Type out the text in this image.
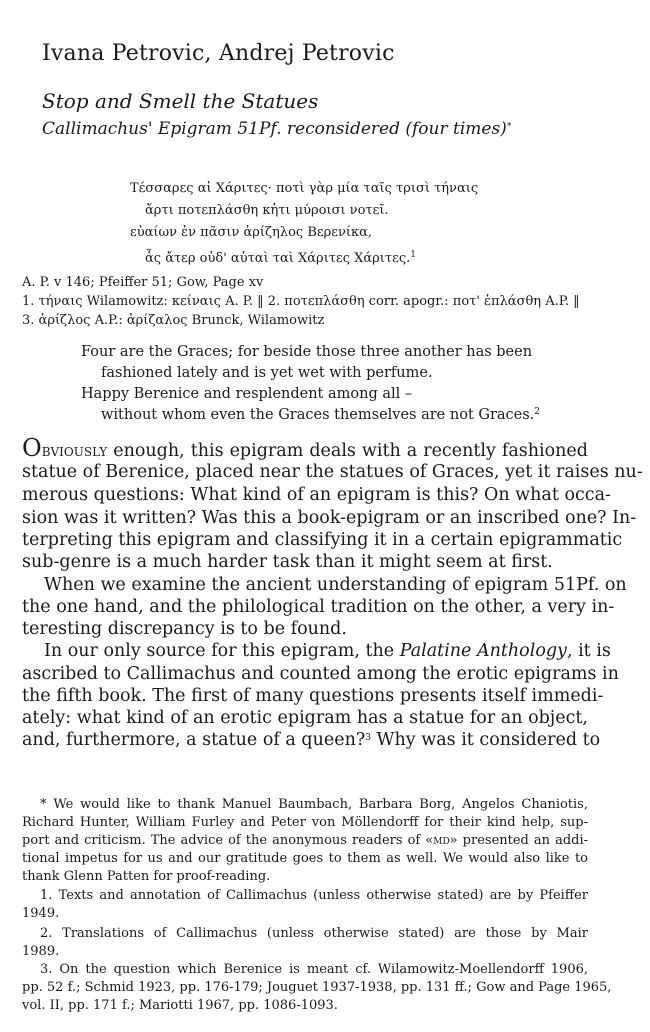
Ivana Petrovic, Andrej Petrovic
Stop and Smell the Statues
Callimachus' Epigram 51Pf. reconsidered (four times)*
Τέσσαρες αἱ Χάριτες· ποτὶ γὰρ μία ταῖς τρισὶ τήναις
ἄρτι ποτεπλάσθη κἠτι μύροισι νοτεῖ.
εὐαίων ἐν πᾶσιν ἀρίζηλος Βερενίκα,
ἇς ἄτερ οὐδ' αὐταὶ ταὶ Χάριτες Χάριτες.$^1$
A. P. v 146; Pfeiffer 51; Gow, Page xv
1. τήναις Wilamowitz: κείναις A. P. ‖ 2. ποτεπλάσθη corr. apogr.: ποτ' ἐπλάσθη A.P. ‖
3. ἀρίζλος A.P.: ἀρίζαλος Brunck, Wilamowitz
Four are the Graces; for beside those three another has been
fashioned lately and is yet wet with perfume.
Happy Berenice and resplendent among all –
without whom even the Graces themselves are not Graces.$^2$
Obviously enough, this epigram deals with a recently fashioned
statue of Berenice, placed near the statues of Graces, yet it raises nu-
merous questions: What kind of an epigram is this? On what occa-
sion was it written? Was this a book-epigram or an inscribed one? In-
terpreting this epigram and classifying it in a certain epigrammatic
sub-genre is a much harder task than it might seem at first.
When we examine the ancient understanding of epigram 51Pf. on
the one hand, and the philological tradition on the other, a very in-
teresting discrepancy is to be found.
In our only source for this epigram, the Palatine Anthology, it is
ascribed to Callimachus and counted among the erotic epigrams in
the fifth book. The first of many questions presents itself immedi-
ately: what kind of an erotic epigram has a statue for an object,
and, furthermore, a statue of a queen?$^3$ Why was it considered to
* We would like to thank Manuel Baumbach, Barbara Borg, Angelos Chaniotis,
Richard Hunter, William Furley and Peter von Möllendorff for their kind help, sup-
port and criticism. The advice of the anonymous readers of «md» presented an addi-
tional impetus for us and our gratitude goes to them as well. We would also like to
thank Glenn Patten for proof-reading.
1. Texts and annotation of Callimachus (unless otherwise stated) are by Pfeiffer
1949.
2. Translations of Callimachus (unless otherwise stated) are those by Mair
1989.
3. On the question which Berenice is meant cf. Wilamowitz-Moellendorff 1906,
pp. 52 f.; Schmid 1923, pp. 176-179; Jouguet 1937-1938, pp. 131 ff.; Gow and Page 1965,
vol. II, pp. 171 f.; Mariotti 1967, pp. 1086-1093.
